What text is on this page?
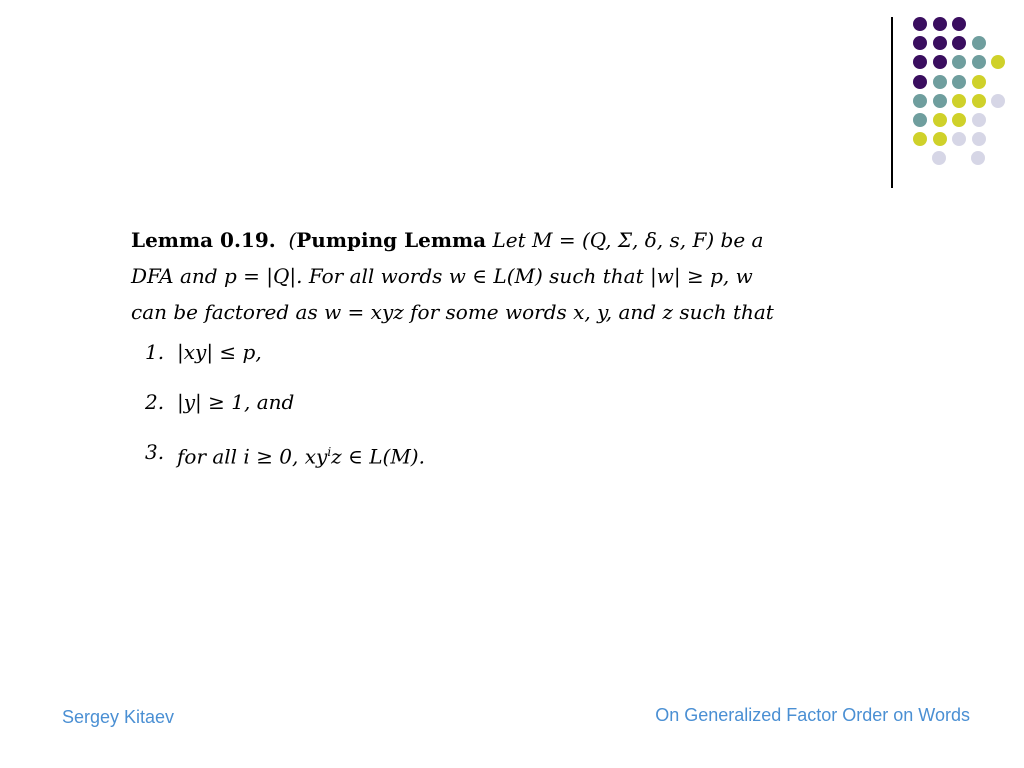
Lemma 0.19. (Pumping Lemma Let M = (Q, Σ, δ, s, F) be a
DFA and p = |Q|. For all words w ∈ L(M) such that |w| ≥ p, w
can be factored as w = xyz for some words x, y, and z such that
1. |xy| ≤ p,
2. |y| ≥ 1, and
3. for all i ≥ 0, $xy^iz$ ∈ L(M).
Sergey Kitaev	On Generalized Factor Order on Words
